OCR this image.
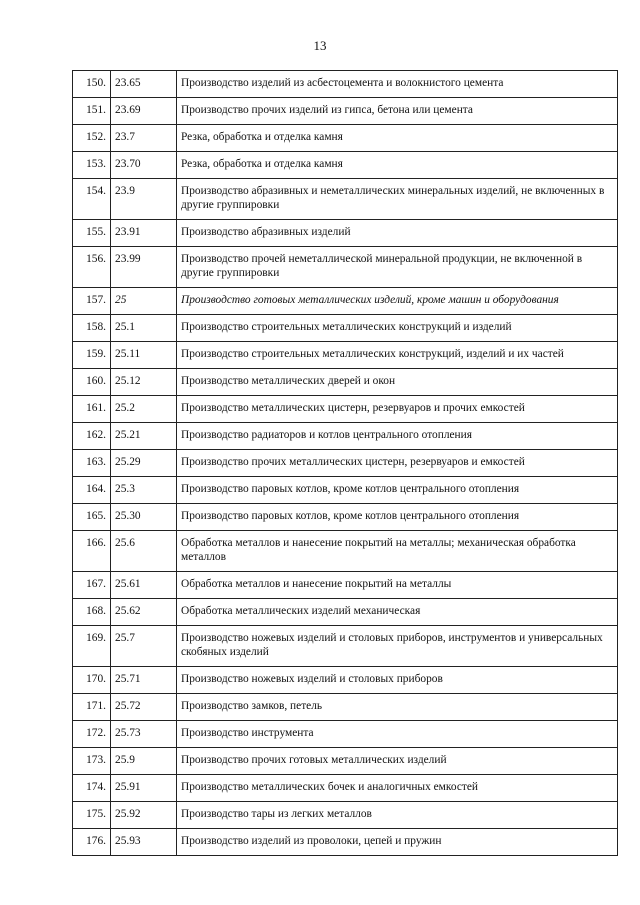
13
150.	23.65	Производство изделий из асбестоцемента и волокнистого цемента
151.	23.69	Производство прочих изделий из гипса, бетона или цемента
152.	23.7	Резка, обработка и отделка камня
153.	23.70	Резка, обработка и отделка камня
154.	23.9	Производство абразивных и неметаллических минеральных изделий, не включенных в другие группировки
155.	23.91	Производство абразивных изделий
156.	23.99	Производство прочей неметаллической минеральной продукции, не включенной в другие группировки
157.	25	Производство готовых металлических изделий, кроме машин и оборудования
158.	25.1	Производство строительных металлических конструкций и изделий
159.	25.11	Производство строительных металлических конструкций, изделий и их частей
160.	25.12	Производство металлических дверей и окон
161.	25.2	Производство металлических цистерн, резервуаров и прочих емкостей
162.	25.21	Производство радиаторов и котлов центрального отопления
163.	25.29	Производство прочих металлических цистерн, резервуаров и емкостей
164.	25.3	Производство паровых котлов, кроме котлов центрального отопления
165.	25.30	Производство паровых котлов, кроме котлов центрального отопления
166.	25.6	Обработка металлов и нанесение покрытий на металлы; механическая обработка металлов
167.	25.61	Обработка металлов и нанесение покрытий на металлы
168.	25.62	Обработка металлических изделий механическая
169.	25.7	Производство ножевых изделий и столовых приборов, инструментов и универсальных скобяных изделий
170.	25.71	Производство ножевых изделий и столовых приборов
171.	25.72	Производство замков, петель
172.	25.73	Производство инструмента
173.	25.9	Производство прочих готовых металлических изделий
174.	25.91	Производство металлических бочек и аналогичных емкостей
175.	25.92	Производство тары из легких металлов
176.	25.93	Производство изделий из проволоки, цепей и пружин
